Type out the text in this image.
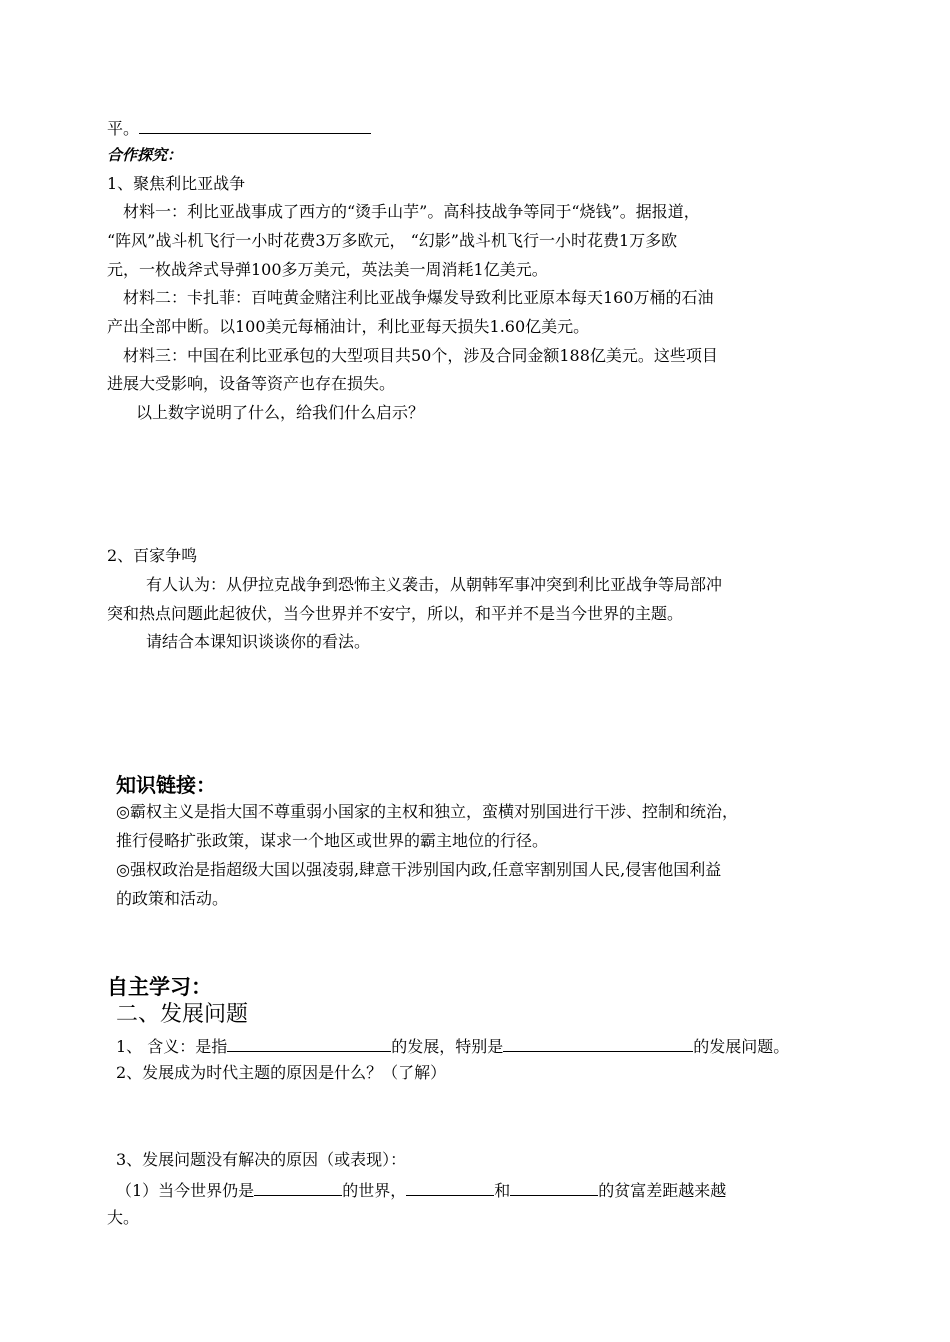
平。
合作探究：
1、聚焦利比亚战争
材料一：利比亚战事成了西方的“烫手山芋”。高科技战争等同于“烧钱”。据报道，
“阵风”战斗机飞行一小时花费3万多欧元， “幻影”战斗机飞行一小时花费1万多欧
元，一枚战斧式导弹100多万美元，英法美一周消耗1亿美元。
材料二：卡扎菲：百吨黄金赌注利比亚战争爆发导致利比亚原本每天160万桶的石油
产出全部中断。以100美元每桶油计，利比亚每天损失1.60亿美元。
材料三：中国在利比亚承包的大型项目共50个，涉及合同金额188亿美元。这些项目
进展大受影响，设备等资产也存在损失。
以上数字说明了什么，给我们什么启示？
2、百家争鸣
有人认为：从伊拉克战争到恐怖主义袭击，从朝韩军事冲突到利比亚战争等局部冲
突和热点问题此起彼伏，当今世界并不安宁，所以，和平并不是当今世界的主题。
请结合本课知识谈谈你的看法。
知识链接：
◎霸权主义是指大国不尊重弱小国家的主权和独立，蛮横对别国进行干涉、控制和统治，
推行侵略扩张政策，谋求一个地区或世界的霸主地位的行径。
◎强权政治是指超级大国以强凌弱,肆意干涉别国内政,任意宰割别国人民,侵害他国利益
的政策和活动。
自主学习：
二、发展问题
1、 含义：是指	的发展，特别是	的发展问题。
2、发展成为时代主题的原因是什么？（了解）
3、发展问题没有解决的原因（或表现）：
（1）当今世界仍是	的世界，	和	的贫富差距越来越
大。
